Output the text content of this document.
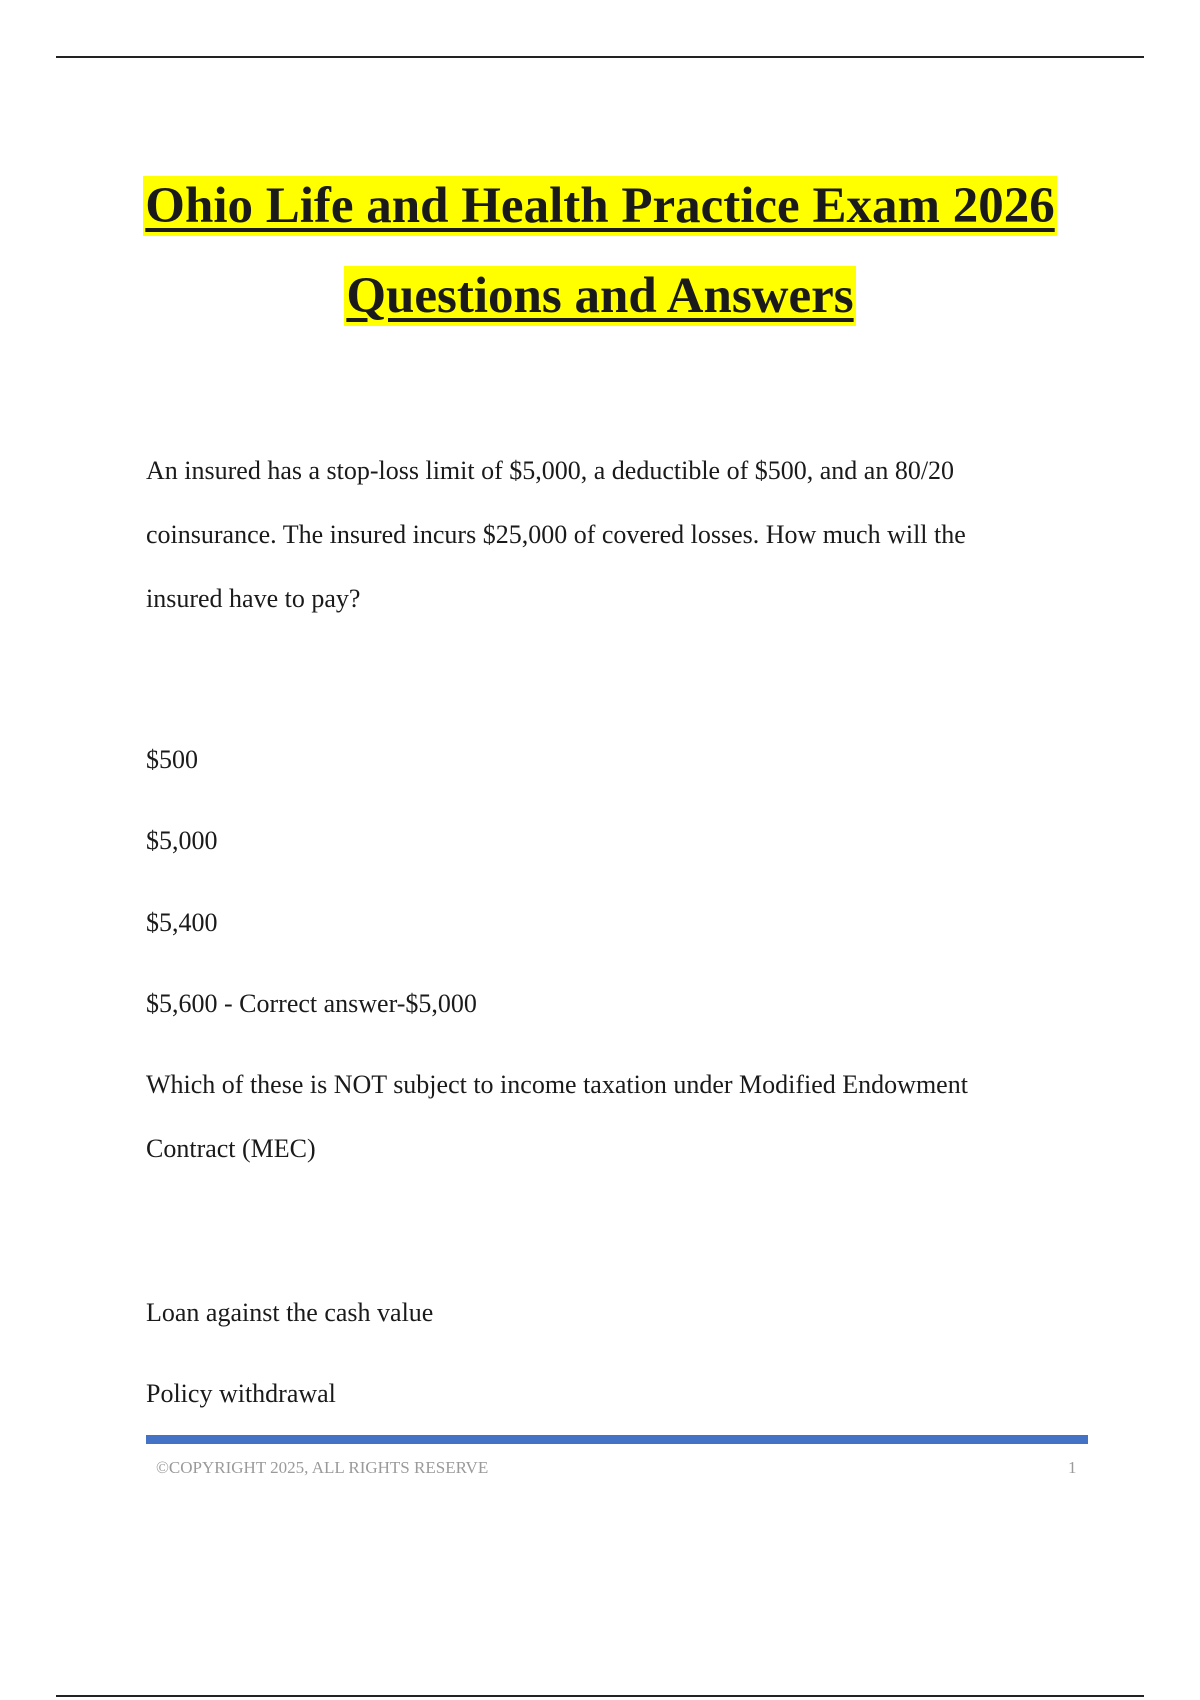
Ohio Life and Health Practice Exam 2026
Questions and Answers
An insured has a stop-loss limit of $5,000, a deductible of $500, and an 80/20
coinsurance. The insured incurs $25,000 of covered losses. How much will the
insured have to pay?
$500
$5,000
$5,400
$5,600 - Correct answer-$5,000
Which of these is NOT subject to income taxation under Modified Endowment
Contract (MEC)
Loan against the cash value
Policy withdrawal
©COPYRIGHT 2025, ALL RIGHTS RESERVE	1
